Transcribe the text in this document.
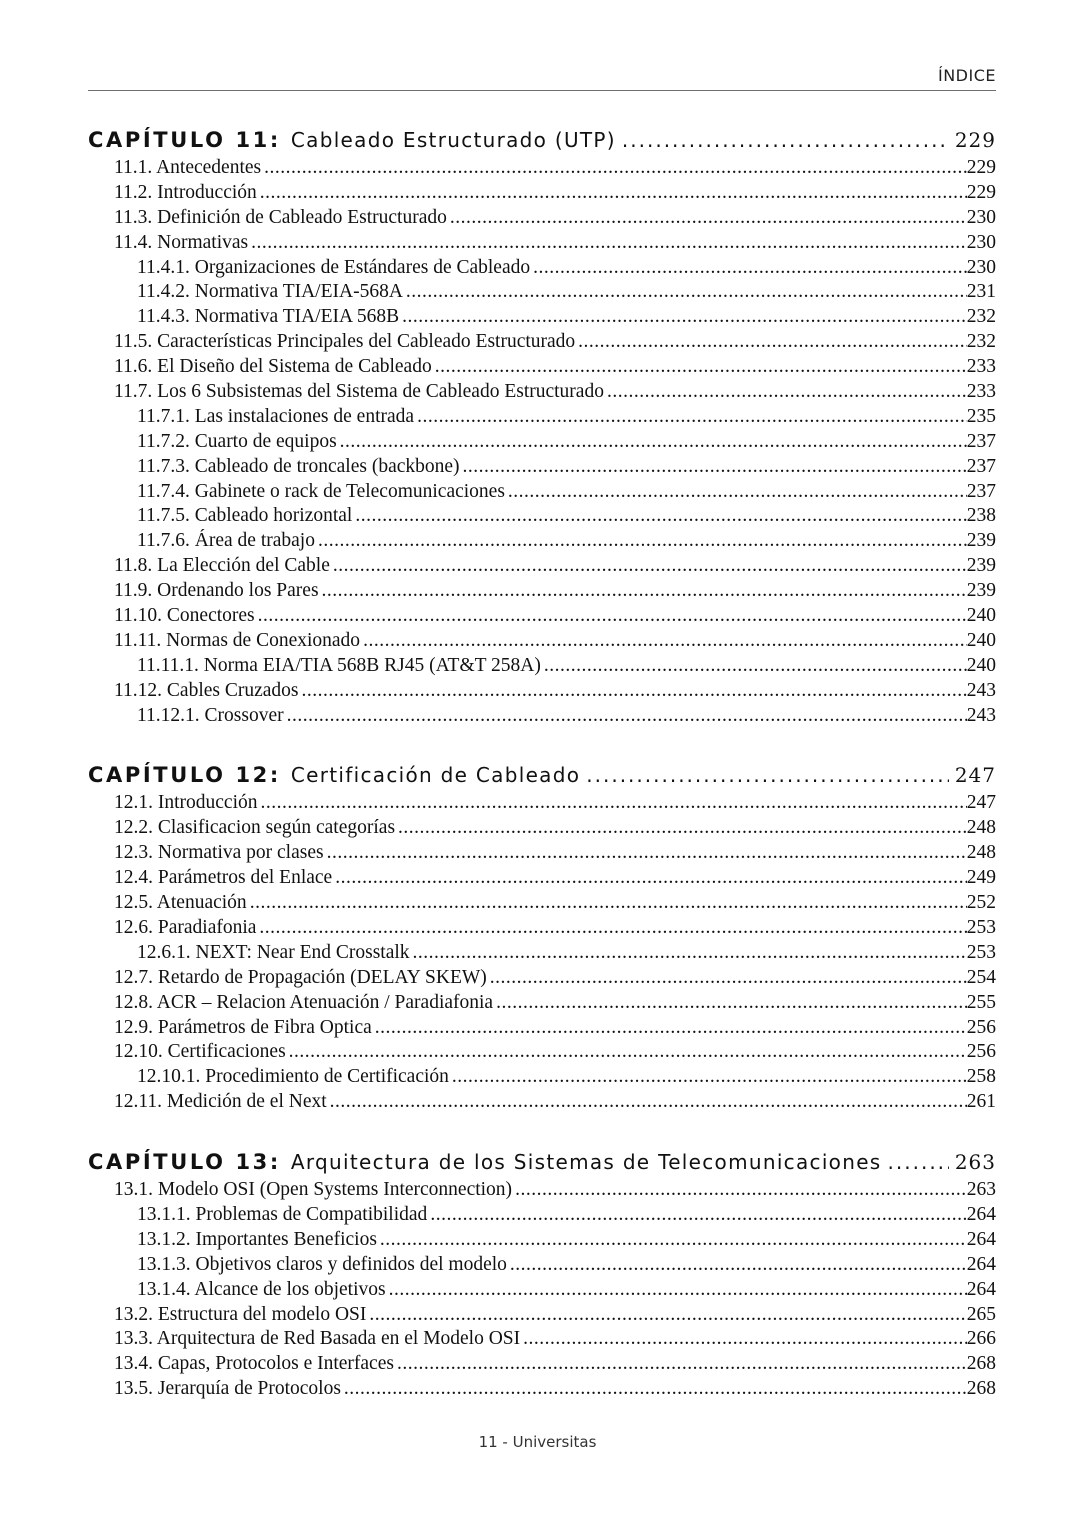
ÍNDICE
CAPÍTULO 11: Cableado Estructurado (UTP) .....	229
11.1. Antecedentes .....	229
11.2. Introducción .....	229
11.3. Definición de Cableado Estructurado .....	230
11.4. Normativas .....	230
11.4.1. Organizaciones de Estándares de Cableado .....	230
11.4.2. Normativa TIA/EIA-568A .....	231
11.4.3. Normativa TIA/EIA 568B .....	232
11.5. Características Principales del Cableado Estructurado .....	232
11.6. El Diseño del Sistema de Cableado .....	233
11.7. Los 6 Subsistemas del Sistema de Cableado Estructurado .....	233
11.7.1. Las instalaciones de entrada .....	235
11.7.2. Cuarto de equipos .....	237
11.7.3. Cableado de troncales (backbone) .....	237
11.7.4. Gabinete o rack de Telecomunicaciones .....	237
11.7.5. Cableado horizontal .....	238
11.7.6. Área de trabajo .....	239
11.8. La Elección del Cable .....	239
11.9. Ordenando los Pares .....	239
11.10. Conectores .....	240
11.11. Normas de Conexionado .....	240
11.11.1. Norma EIA/TIA 568B RJ45 (AT&T 258A) .....	240
11.12. Cables Cruzados .....	243
11.12.1. Crossover .....	243
CAPÍTULO 12: Certificación de Cableado .....	247
12.1. Introducción .....	247
12.2. Clasificacion según categorías .....	248
12.3. Normativa por clases .....	248
12.4. Parámetros del Enlace .....	249
12.5. Atenuación .....	252
12.6. Paradiafonia .....	253
12.6.1. NEXT: Near End Crosstalk .....	253
12.7. Retardo de Propagación (DELAY SKEW) .....	254
12.8. ACR – Relacion Atenuación / Paradiafonia .....	255
12.9. Parámetros de Fibra Optica .....	256
12.10. Certificaciones .....	256
12.10.1. Procedimiento de Certificación .....	258
12.11. Medición de el Next .....	261
CAPÍTULO 13: Arquitectura de los Sistemas de Telecomunicaciones .....	263
13.1. Modelo OSI (Open Systems Interconnection) .....	263
13.1.1. Problemas de Compatibilidad .....	264
13.1.2. Importantes Beneficios .....	264
13.1.3. Objetivos claros y definidos del modelo .....	264
13.1.4. Alcance de los objetivos .....	264
13.2. Estructura del modelo OSI .....	265
13.3. Arquitectura de Red Basada en el Modelo OSI .....	266
13.4. Capas, Protocolos e Interfaces .....	268
13.5. Jerarquía de Protocolos .....	268
11 - Universitas
